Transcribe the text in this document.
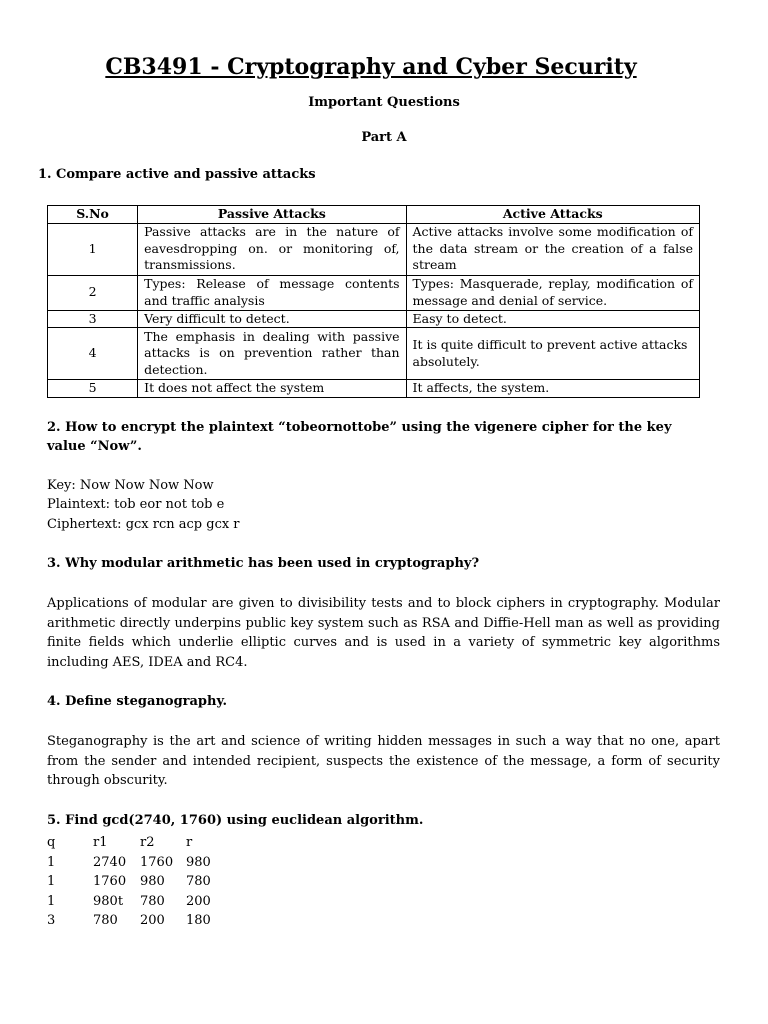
CB3491 - Cryptography and Cyber Security
Important Questions
Part A
1. Compare active and passive attacks
S.No	Passive Attacks	Active Attacks
1	Passive attacks are in the nature of eavesdropping on. or monitoring of, transmissions.	Active attacks involve some modification of the data stream or the creation of a false stream
2	Types: Release of message contents and traffic analysis	Types: Masquerade, replay, modification of message and denial of service.
3	Very difficult to detect.	Easy to detect.
4	The emphasis in dealing with passive attacks is on prevention rather than detection.	It is quite difficult to prevent active attacks absolutely.
5	It does not affect the system	It affects, the system.
2. How to encrypt the plaintext “tobeornottobe” using the vigenere cipher for the key value “Now”.
Key: Now Now Now Now
Plaintext: tob eor not tob e
Ciphertext: gcx rcn acp gcx r
3. Why modular arithmetic has been used in cryptography?

Applications of modular are given to divisibility tests and to block ciphers in cryptography. Modular arithmetic directly underpins public key system such as RSA and Diffie-Hell man as well as providing finite fields which underlie elliptic curves and is used in a variety of symmetric key algorithms including AES, IDEA and RC4.

4. Define steganography.

Steganography is the art and science of writing hidden messages in such a way that no one, apart from the sender and intended recipient, suspects the existence of the message, a form of security through obscurity.

5. Find gcd(2740, 1760) using euclidean algorithm.
q	r1	r2	r
1	2740	1760	980
1	1760	980	780
1	980t	780	200
3	780	200	180
